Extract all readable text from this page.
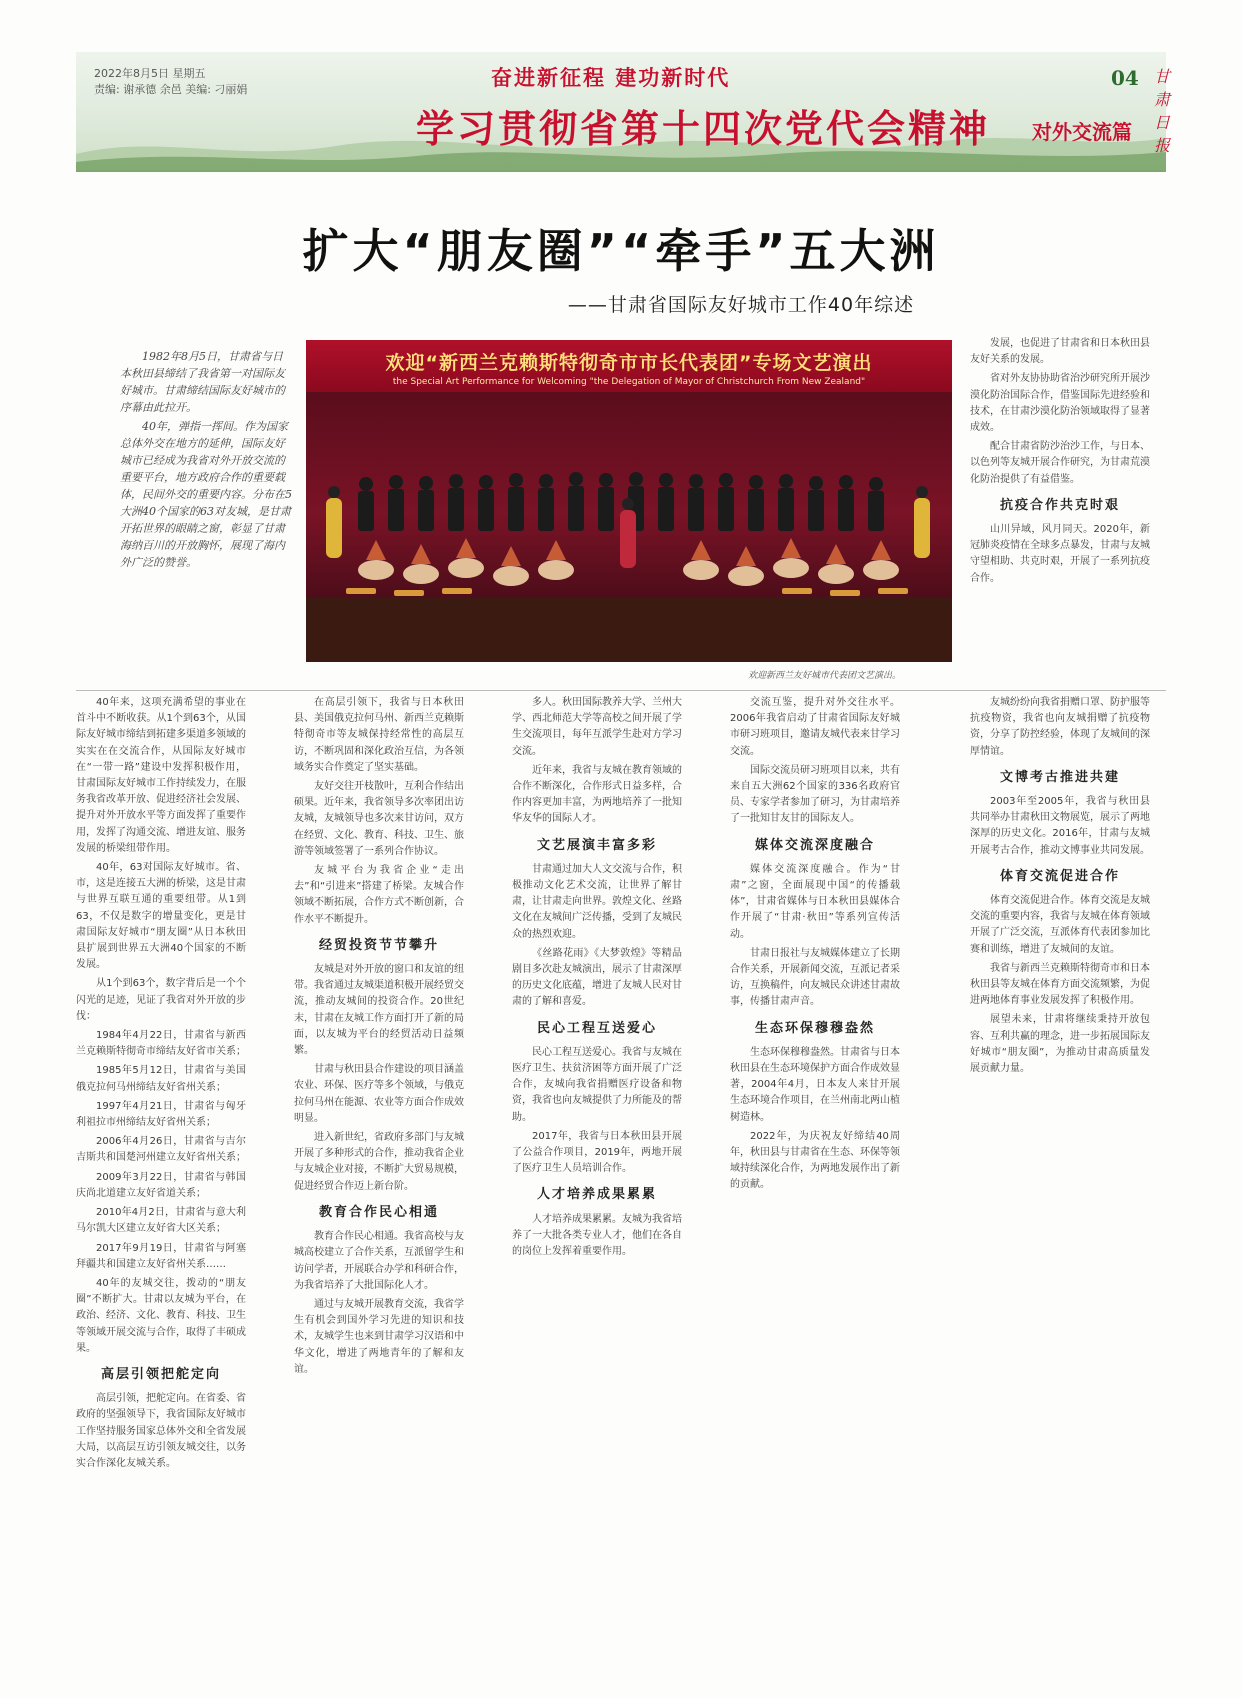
2022年8月5日 星期五
责编: 谢承德 余邑 美编: 刁丽娟	奋进新征程 建功新时代
学习贯彻省第十四次党代会精神 对外交流篇
04 甘肃日报
扩大“朋友圈”“牵手”五大洲
——甘肃省国际友好城市工作40年综述

1982年8月5日，甘肃省与日本秋田县缔结了我省第一对国际友好城市。甘肃缔结国际友好城市的序幕由此拉开。

40年，弹指一挥间。作为国家总体外交在地方的延伸，国际友好城市已经成为我省对外开放交流的重要平台，地方政府合作的重要载体，民间外交的重要内容。分布在5大洲40个国家的63对友城，是甘肃开拓世界的眼睛之窗，彰显了甘肃海纳百川的开放胸怀，展现了海内外广泛的赞誉。

欢迎“新西兰克赖斯特彻奇市市长代表团”专场文艺演出
the Special Art Performance for Welcoming "the Delegation of Mayor of Christchurch From New Zealand"
欢迎新西兰友好城市代表团文艺演出。

发展，也促进了甘肃省和日本秋田县友好关系的发展。

省对外友协协助省治沙研究所开展沙漠化防治国际合作，借鉴国际先进经验和技术，在甘肃沙漠化防治领域取得了显著成效。

配合甘肃省防沙治沙工作，与日本、以色列等友城开展合作研究，为甘肃荒漠化防治提供了有益借鉴。

抗疫合作共克时艰

山川异域，风月同天。2020年，新冠肺炎疫情在全球多点暴发，甘肃与友城守望相助、共克时艰，开展了一系列抗疫合作。

40年来，这项充满希望的事业在首斗中不断收获。从1个到63个，从国际友好城市缔结到拓建多渠道多领域的实实在在交流合作，从国际友好城市在“一带一路”建设中发挥积极作用，甘肃国际友好城市工作持续发力，在服务我省改革开放、促进经济社会发展、提升对外开放水平等方面发挥了重要作用，发挥了沟通交流、增进友谊、服务发展的桥梁纽带作用。

40年，63对国际友好城市。省、市，这是连接五大洲的桥梁，这是甘肃与世界互联互通的重要纽带。从1到63，不仅是数字的增量变化，更是甘肃国际友好城市“朋友圈”从日本秋田县扩展到世界五大洲40个国家的不断发展。

从1个到63个，数字背后是一个个闪光的足迹，见证了我省对外开放的步伐：

1984年4月22日，甘肃省与新西兰克赖斯特彻奇市缔结友好省市关系；

1985年5月12日，甘肃省与美国俄克拉何马州缔结友好省州关系；

1997年4月21日，甘肃省与匈牙利祖拉市州缔结友好省州关系；

2006年4月26日，甘肃省与吉尔吉斯共和国楚河州建立友好省州关系；

2009年3月22日，甘肃省与韩国庆尚北道建立友好省道关系；

2010年4月2日，甘肃省与意大利马尔凯大区建立友好省大区关系；

2017年9月19日，甘肃省与阿塞拜疆共和国建立友好省州关系……

40年的友城交往，拨动的“朋友圈”不断扩大。甘肃以友城为平台，在政治、经济、文化、教育、科技、卫生等领域开展交流与合作，取得了丰硕成果。

高层引领把舵定向

高层引领，把舵定向。在省委、省政府的坚强领导下，我省国际友好城市工作坚持服务国家总体外交和全省发展大局，以高层互访引领友城交往，以务实合作深化友城关系。

在高层引领下，我省与日本秋田县、美国俄克拉何马州、新西兰克赖斯特彻奇市等友城保持经常性的高层互访，不断巩固和深化政治互信，为各领域务实合作奠定了坚实基础。

友好交往开枝散叶，互利合作结出硕果。近年来，我省领导多次率团出访友城，友城领导也多次来甘访问，双方在经贸、文化、教育、科技、卫生、旅游等领域签署了一系列合作协议。

友城平台为我省企业“走出去”和“引进来”搭建了桥梁。友城合作领域不断拓展，合作方式不断创新，合作水平不断提升。

经贸投资节节攀升

友城是对外开放的窗口和友谊的纽带。我省通过友城渠道积极开展经贸交流，推动友城间的投资合作。20世纪末，甘肃在友城工作方面打开了新的局面，以友城为平台的经贸活动日益频繁。

甘肃与秋田县合作建设的项目涵盖农业、环保、医疗等多个领域，与俄克拉何马州在能源、农业等方面合作成效明显。

进入新世纪，省政府多部门与友城开展了多种形式的合作，推动我省企业与友城企业对接，不断扩大贸易规模，促进经贸合作迈上新台阶。

教育合作民心相通

教育合作民心相通。我省高校与友城高校建立了合作关系，互派留学生和访问学者，开展联合办学和科研合作，为我省培养了大批国际化人才。

通过与友城开展教育交流，我省学生有机会到国外学习先进的知识和技术，友城学生也来到甘肃学习汉语和中华文化，增进了两地青年的了解和友谊。

多人。秋田国际教养大学、兰州大学、西北师范大学等高校之间开展了学生交流项目，每年互派学生赴对方学习交流。

近年来，我省与友城在教育领域的合作不断深化，合作形式日益多样，合作内容更加丰富，为两地培养了一批知华友华的国际人才。

文艺展演丰富多彩

甘肃通过加大人文交流与合作，积极推动文化艺术交流，让世界了解甘肃，让甘肃走向世界。敦煌文化、丝路文化在友城间广泛传播，受到了友城民众的热烈欢迎。

《丝路花雨》《大梦敦煌》等精品剧目多次赴友城演出，展示了甘肃深厚的历史文化底蕴，增进了友城人民对甘肃的了解和喜爱。

民心工程互送爱心

民心工程互送爱心。我省与友城在医疗卫生、扶贫济困等方面开展了广泛合作，友城向我省捐赠医疗设备和物资，我省也向友城提供了力所能及的帮助。

2017年，我省与日本秋田县开展了公益合作项目，2019年，两地开展了医疗卫生人员培训合作。

人才培养成果累累

人才培养成果累累。友城为我省培养了一大批各类专业人才，他们在各自的岗位上发挥着重要作用。

交流互鉴，提升对外交往水平。2006年我省启动了甘肃省国际友好城市研习班项目，邀请友城代表来甘学习交流。

国际交流员研习班项目以来，共有来自五大洲62个国家的336名政府官员、专家学者参加了研习，为甘肃培养了一批知甘友甘的国际友人。

媒体交流深度融合

媒体交流深度融合。作为“甘肃”之窗，全面展现中国“的传播载体”，甘肃省媒体与日本秋田县媒体合作开展了“甘肃·秋田”等系列宣传活动。

甘肃日报社与友城媒体建立了长期合作关系，开展新闻交流，互派记者采访，互换稿件，向友城民众讲述甘肃故事，传播甘肃声音。

生态环保穆穆盎然

生态环保穆穆盎然。甘肃省与日本秋田县在生态环境保护方面合作成效显著，2004年4月，日本友人来甘开展生态环境合作项目，在兰州南北两山植树造林。

2022年，为庆祝友好缔结40周年，秋田县与甘肃省在生态、环保等领域持续深化合作，为两地发展作出了新的贡献。

友城纷纷向我省捐赠口罩、防护服等抗疫物资，我省也向友城捐赠了抗疫物资，分享了防控经验，体现了友城间的深厚情谊。

文博考古推进共建

2003年至2005年，我省与秋田县共同举办甘肃秋田文物展览，展示了两地深厚的历史文化。2016年，甘肃与友城开展考古合作，推动文博事业共同发展。

体育交流促进合作

体育交流促进合作。体育交流是友城交流的重要内容，我省与友城在体育领域开展了广泛交流，互派体育代表团参加比赛和训练，增进了友城间的友谊。

我省与新西兰克赖斯特彻奇市和日本秋田县等友城在体育方面交流频繁，为促进两地体育事业发展发挥了积极作用。

展望未来，甘肃将继续秉持开放包容、互利共赢的理念，进一步拓展国际友好城市“朋友圈”，为推动甘肃高质量发展贡献力量。
